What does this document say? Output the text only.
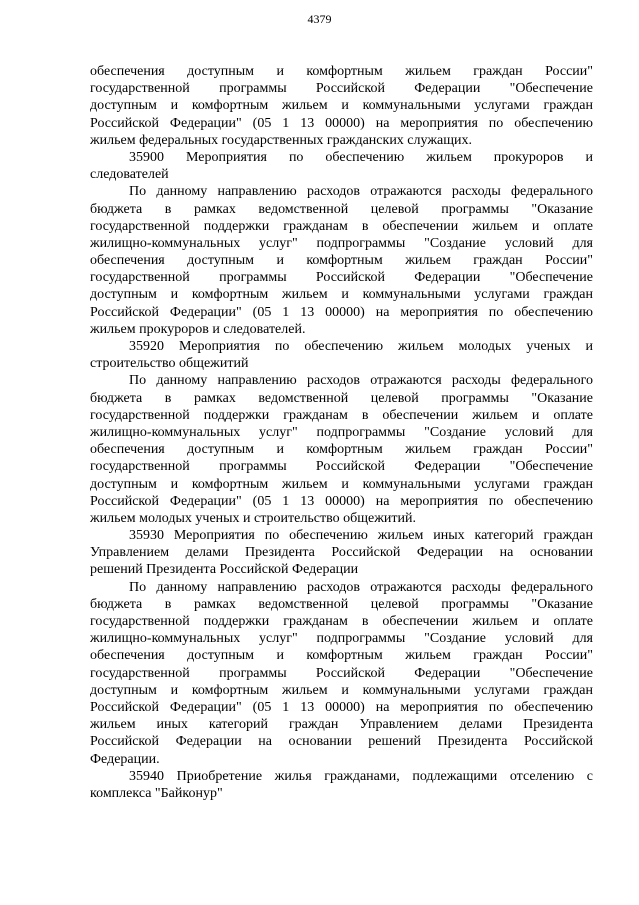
4379
обеспечения доступным и комфортным жильем граждан России"
государственной программы Российской Федерации "Обеспечение
доступным и комфортным жильем и коммунальными услугами граждан
Российской Федерации" (05 1 13 00000) на мероприятия по обеспечению
жильем федеральных государственных гражданских служащих.
35900 Мероприятия по обеспечению жильем прокуроров и
следователей
По данному направлению расходов отражаются расходы федерального
бюджета в рамках ведомственной целевой программы "Оказание
государственной поддержки гражданам в обеспечении жильем и оплате
жилищно-коммунальных услуг" подпрограммы "Создание условий для
обеспечения доступным и комфортным жильем граждан России"
государственной программы Российской Федерации "Обеспечение
доступным и комфортным жильем и коммунальными услугами граждан
Российской Федерации" (05 1 13 00000) на мероприятия по обеспечению
жильем прокуроров и следователей.
35920 Мероприятия по обеспечению жильем молодых ученых и
строительство общежитий
По данному направлению расходов отражаются расходы федерального
бюджета в рамках ведомственной целевой программы "Оказание
государственной поддержки гражданам в обеспечении жильем и оплате
жилищно-коммунальных услуг" подпрограммы "Создание условий для
обеспечения доступным и комфортным жильем граждан России"
государственной программы Российской Федерации "Обеспечение
доступным и комфортным жильем и коммунальными услугами граждан
Российской Федерации" (05 1 13 00000) на мероприятия по обеспечению
жильем молодых ученых и строительство общежитий.
35930 Мероприятия по обеспечению жильем иных категорий граждан
Управлением делами Президента Российской Федерации на основании
решений Президента Российской Федерации
По данному направлению расходов отражаются расходы федерального
бюджета в рамках ведомственной целевой программы "Оказание
государственной поддержки гражданам в обеспечении жильем и оплате
жилищно-коммунальных услуг" подпрограммы "Создание условий для
обеспечения доступным и комфортным жильем граждан России"
государственной программы Российской Федерации "Обеспечение
доступным и комфортным жильем и коммунальными услугами граждан
Российской Федерации" (05 1 13 00000) на мероприятия по обеспечению
жильем иных категорий граждан Управлением делами Президента
Российской Федерации на основании решений Президента Российской
Федерации.
35940 Приобретение жилья гражданами, подлежащими отселению с
комплекса "Байконур"
